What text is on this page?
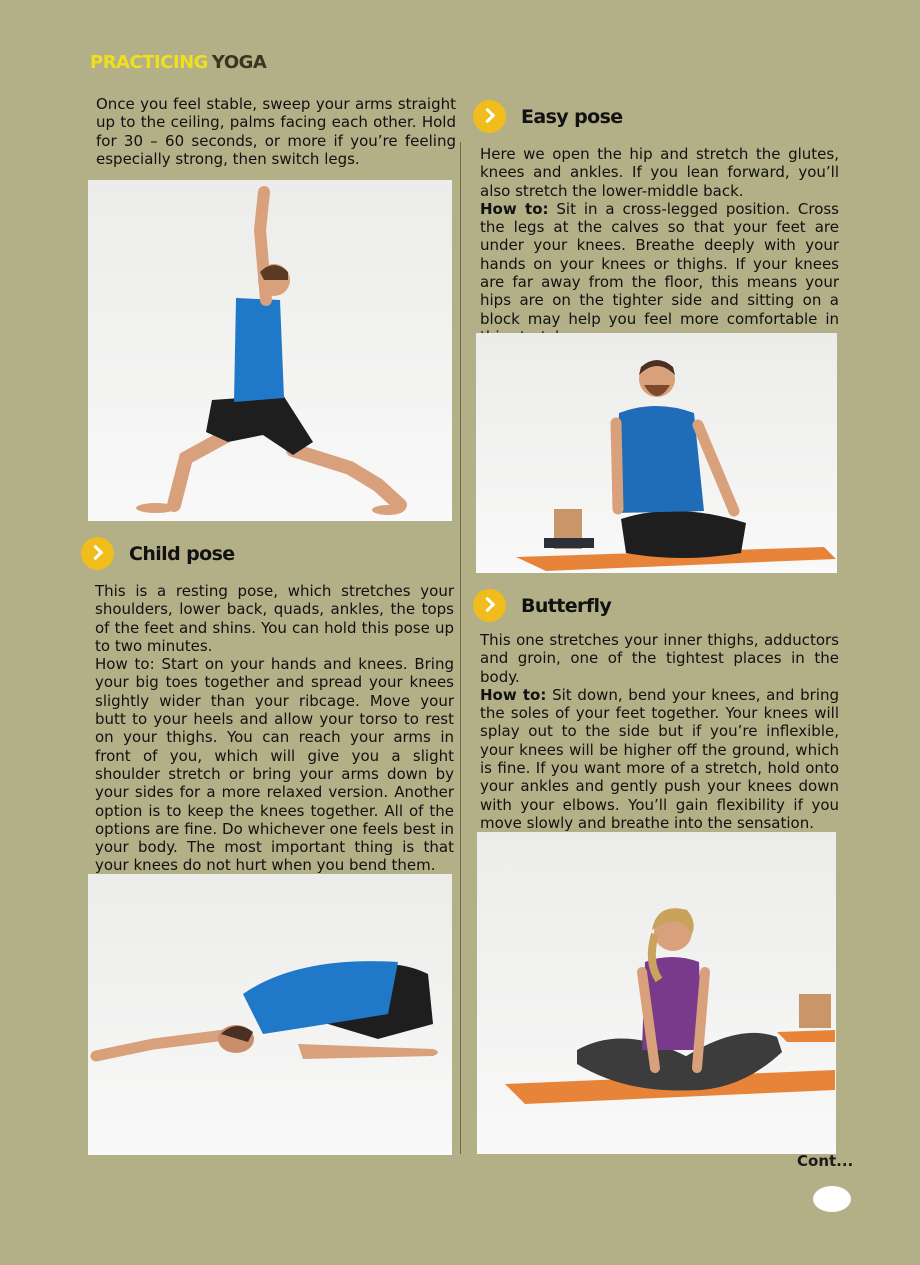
PRACTICING YOGA

Once you feel stable, sweep your arms straight up to the ceiling, palms facing each other. Hold for 30 – 60 seconds, or more if you’re feeling especially strong, then switch legs.

Child pose

This is a resting pose, which stretches your shoulders, lower back, quads, ankles, the tops of the feet and shins. You can hold this pose up to two minutes.

How to: Start on your hands and knees. Bring your big toes together and spread your knees slightly wider than your ribcage. Move your butt to your heels and allow your torso to rest on your thighs. You can reach your arms in front of you, which will give you a slight shoulder stretch or bring your arms down by your sides for a more relaxed version. Another option is to keep the knees together. All of the options are fine. Do whichever one feels best in your body. The most important thing is that your knees do not hurt when you bend them.

Easy pose

Here we open the hip and stretch the glutes, knees and ankles. If you lean forward, you’ll also stretch the lower-middle back.

How to: Sit in a cross-legged position. Cross the legs at the calves so that your feet are under your knees. Breathe deeply with your hands on your knees or thighs. If your knees are far away from the floor, this means your hips are on the tighter side and sitting on a block may help you feel more comfortable in

Butterfly

This one stretches your inner thighs, adductors and groin, one of the tightest places in the body.

How to: Sit down, bend your knees, and bring the soles of your feet together. Your knees will splay out to the side but if you’re inflexible, your knees will be higher off the ground, which is fine. If you want more of a stretch, hold onto your ankles and gently push your knees down with your elbows. You’ll gain flexibility if you move slowly and breathe into the sensation.

Cont...
